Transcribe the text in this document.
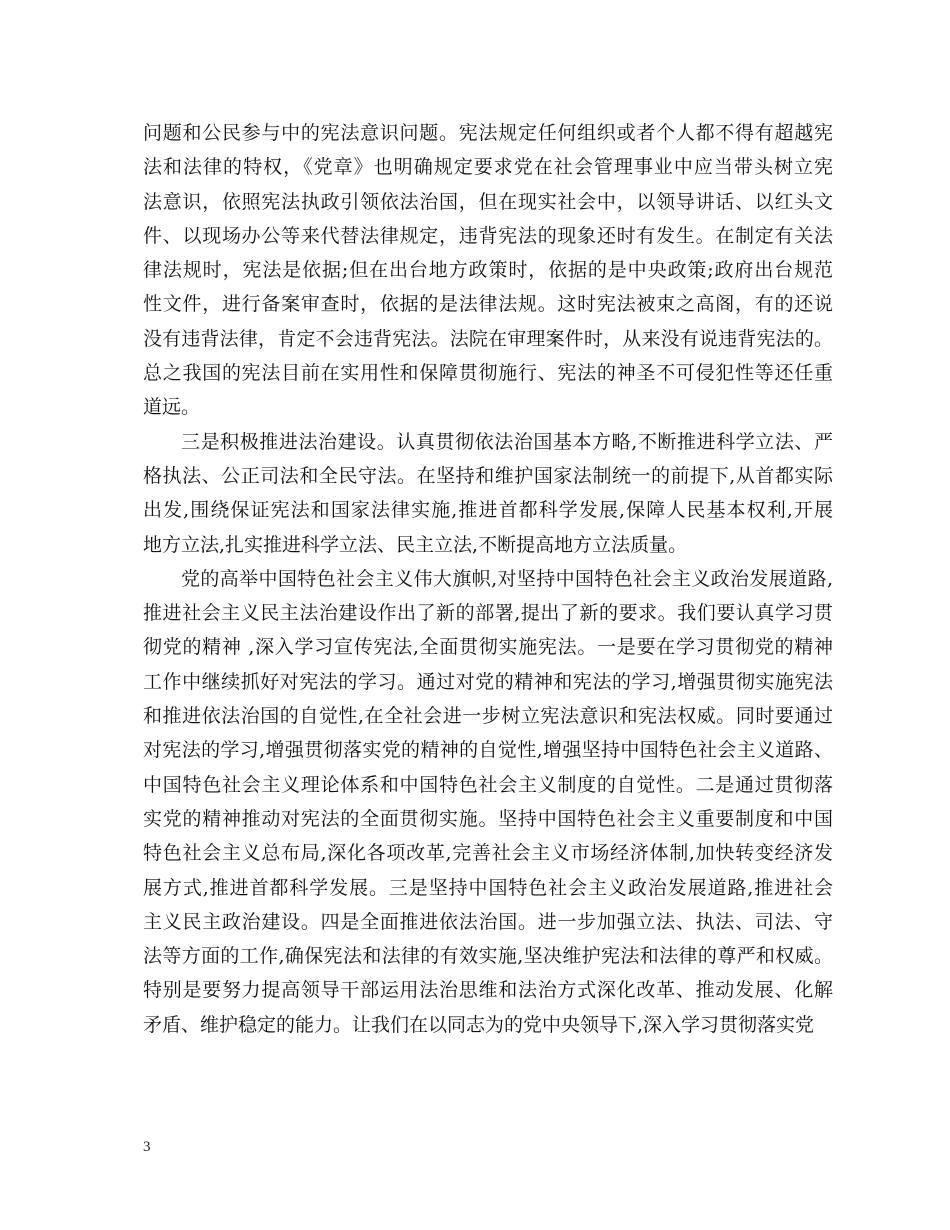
问题和公民参与中的宪法意识问题。宪法规定任何组织或者个人都不得有超越宪
法和法律的特权，《党章》也明确规定要求党在社会管理事业中应当带头树立宪
法意识，依照宪法执政引领依法治国，但在现实社会中，以领导讲话、以红头文
件、以现场办公等来代替法律规定，违背宪法的现象还时有发生。在制定有关法
律法规时，宪法是依据;但在出台地方政策时，依据的是中央政策;政府出台规范
性文件，进行备案审查时，依据的是法律法规。这时宪法被束之高阁，有的还说
没有违背法律，肯定不会违背宪法。法院在审理案件时，从来没有说违背宪法的。
总之我国的宪法目前在实用性和保障贯彻施行、宪法的神圣不可侵犯性等还任重
道远。

三是积极推进法治建设。认真贯彻依法治国基本方略,不断推进科学立法、严
格执法、公正司法和全民守法。在坚持和维护国家法制统一的前提下,从首都实际
出发,围绕保证宪法和国家法律实施,推进首都科学发展,保障人民基本权利,开展
地方立法,扎实推进科学立法、民主立法,不断提高地方立法质量。

党的高举中国特色社会主义伟大旗帜,对坚持中国特色社会主义政治发展道路,
推进社会主义民主法治建设作出了新的部署,提出了新的要求。我们要认真学习贯
彻党的精神 ,深入学习宣传宪法,全面贯彻实施宪法。一是要在学习贯彻党的精神
工作中继续抓好对宪法的学习。通过对党的精神和宪法的学习,增强贯彻实施宪法
和推进依法治国的自觉性,在全社会进一步树立宪法意识和宪法权威。同时要通过
对宪法的学习,增强贯彻落实党的精神的自觉性,增强坚持中国特色社会主义道路、
中国特色社会主义理论体系和中国特色社会主义制度的自觉性。二是通过贯彻落
实党的精神推动对宪法的全面贯彻实施。坚持中国特色社会主义重要制度和中国
特色社会主义总布局,深化各项改革,完善社会主义市场经济体制,加快转变经济发
展方式,推进首都科学发展。三是坚持中国特色社会主义政治发展道路,推进社会
主义民主政治建设。四是全面推进依法治国。进一步加强立法、执法、司法、守
法等方面的工作,确保宪法和法律的有效实施,坚决维护宪法和法律的尊严和权威。
特别是要努力提高领导干部运用法治思维和法治方式深化改革、推动发展、化解
矛盾、维护稳定的能力。让我们在以同志为的党中央领导下,深入学习贯彻落实党

3
